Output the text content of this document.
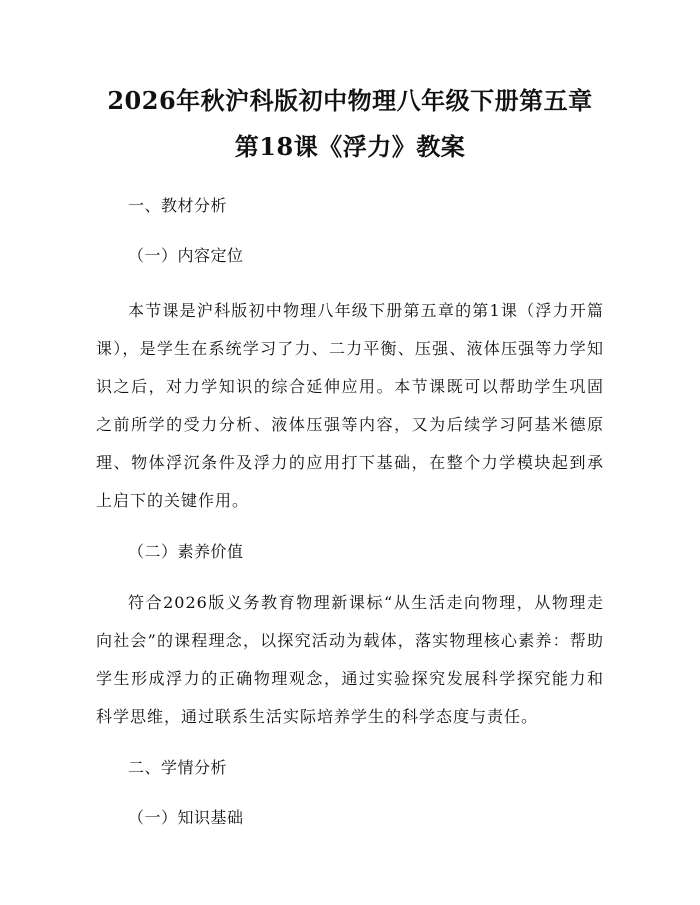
2026年秋沪科版初中物理八年级下册第五章
第18课《浮力》教案

一、教材分析

（一）内容定位

本节课是沪科版初中物理八年级下册第五章的第1课（浮力开篇课），是学生在系统学习了力、二力平衡、压强、液体压强等力学知识之后，对力学知识的综合延伸应用。本节课既可以帮助学生巩固之前所学的受力分析、液体压强等内容，又为后续学习阿基米德原理、物体浮沉条件及浮力的应用打下基础，在整个力学模块起到承上启下的关键作用。

（二）素养价值

符合2026版义务教育物理新课标“从生活走向物理，从物理走向社会”的课程理念，以探究活动为载体，落实物理核心素养：帮助学生形成浮力的正确物理观念，通过实验探究发展科学探究能力和科学思维，通过联系生活实际培养学生的科学态度与责任。

二、学情分析

（一）知识基础
